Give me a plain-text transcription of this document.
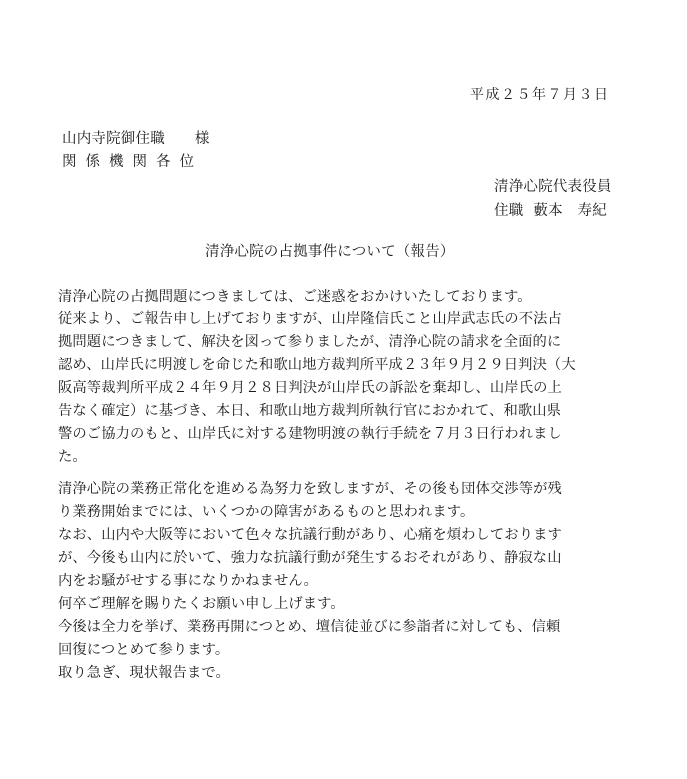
平成２５年７月３日
山内寺院御住職 様
関係機関各位
清浄心院代表役員
住職 藪本　寿紀
清浄心院の占拠事件について（報告）
清浄心院の占拠問題につきましては、ご迷惑をおかけいたしております。
従来より、ご報告申し上げておりますが、山岸隆信氏こと山岸武志氏の不法占
拠問題につきまして、解決を図って参りましたが、清浄心院の請求を全面的に
認め、山岸氏に明渡しを命じた和歌山地方裁判所平成２３年９月２９日判決（大
阪高等裁判所平成２４年９月２８日判決が山岸氏の訴訟を棄却し、山岸氏の上
告なく確定）に基づき、本日、和歌山地方裁判所執行官におかれて、和歌山県
警のご協力のもと、山岸氏に対する建物明渡の執行手続を７月３日行われまし
た。
清浄心院の業務正常化を進める為努力を致しますが、その後も団体交渉等が残
り業務開始までには、いくつかの障害があるものと思われます。
なお、山内や大阪等において色々な抗議行動があり、心痛を煩わしております
が、今後も山内に於いて、強力な抗議行動が発生するおそれがあり、静寂な山
内をお騒がせする事になりかねません。
何卒ご理解を賜りたくお願い申し上げます。
今後は全力を挙げ、業務再開につとめ、壇信徒並びに参詣者に対しても、信頼
回復につとめて参ります。
取り急ぎ、現状報告まで。
